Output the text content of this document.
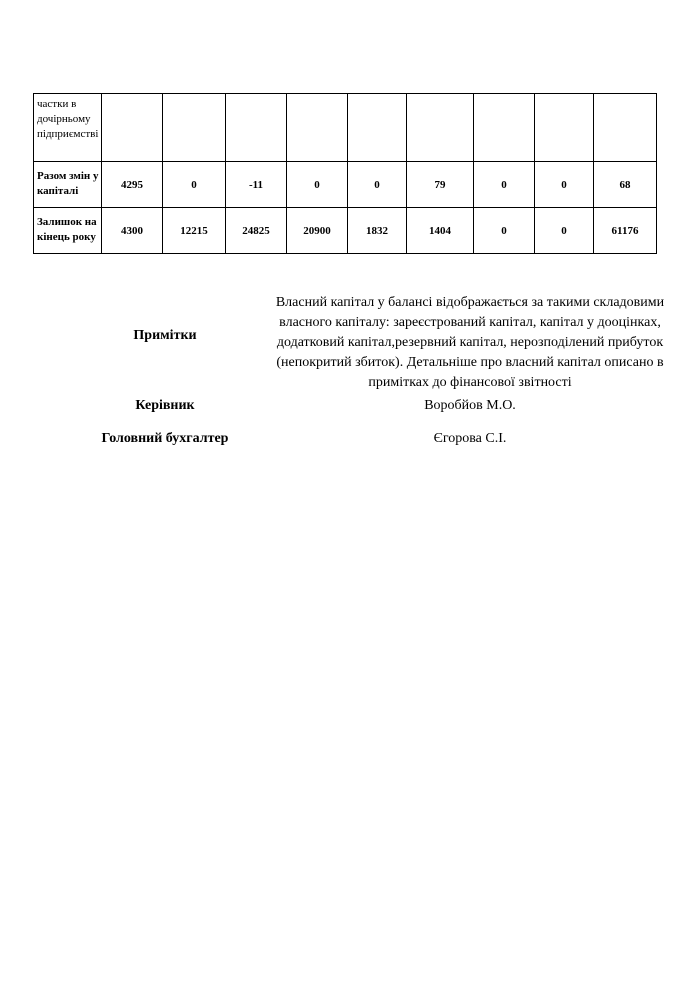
частки в дочірньому підприємстві									
Разом змін у капіталі	4295	0	-11	0	0	79	0	0	68
Залишок на кінець року	4300	12215	24825	20900	1832	1404	0	0	61176
Примітки
Власний капітал у балансі відображається за такими складовими власного капіталу: зареєстрований капітал, капітал у дооцінках, додатковий капітал,резервний капітал, нерозподілений прибуток (непокритий збиток). Детальніше про власний капітал описано в примітках до фінансової звітності
Керівник	Воробйов М.О.
Головний бухгалтер	Єгорова С.І.
